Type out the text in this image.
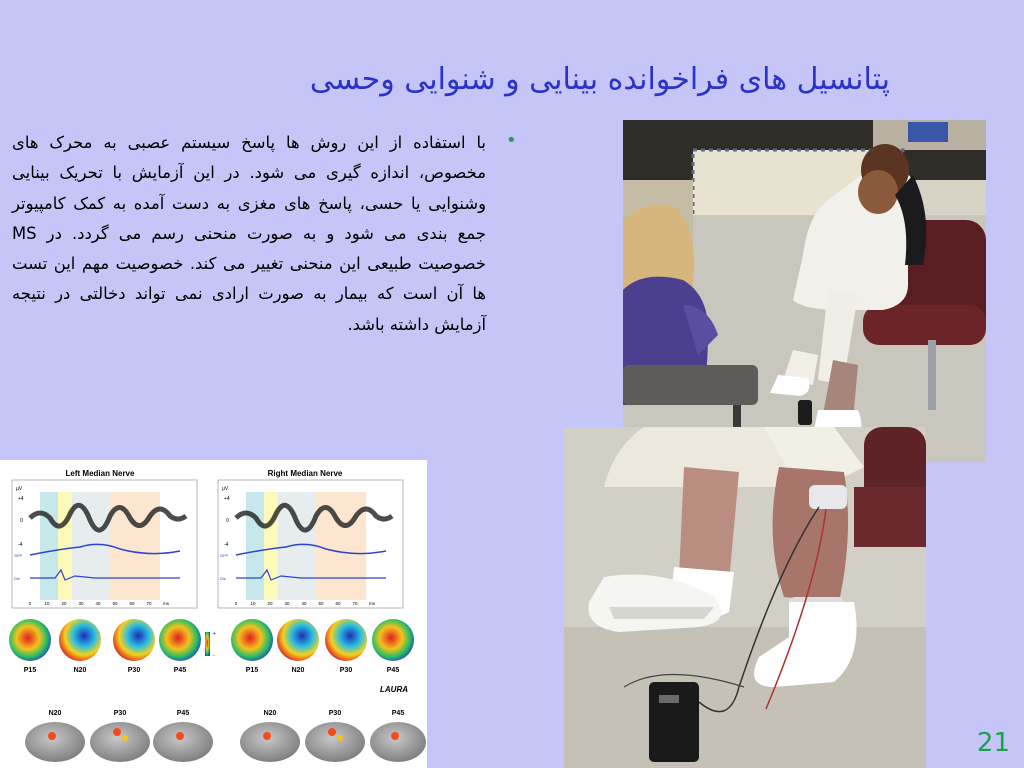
پتانسیل های فراخوانده بینایی و شنوایی وحسی
•
با استفاده از این روش ها پاسخ سیستم عصبی به محرک های مخصوص، اندازه گیری می شود. در این آزمایش با تحریک بینایی وشنوایی یا حسی، پاسخ های مغزی به دست آمده به کمک کامپیوتر جمع بندی می شود و به صورت منحنی رسم می گردد. در MS خصوصیت طبیعی این منحنی تغییر می کند. خصوصیت مهم این تست ها آن است که بیمار به صورت ارادی نمی تواند دخالتی در نتیجه آزمایش داشته باشد.
Left Median Nerve	Right Median Nerve
µV
+4
0
-4
GFP
Dis
0	10	20	30	40	50	60	70	ms
µV
+4
0
-4
GFP
Dis
0	10	20	30	40	50	60	70	ms
+
-
P15	N20	P30	P45	P15	N20	P30	P45
LAURA
N20	P30	P45	N20	P30	P45
21
